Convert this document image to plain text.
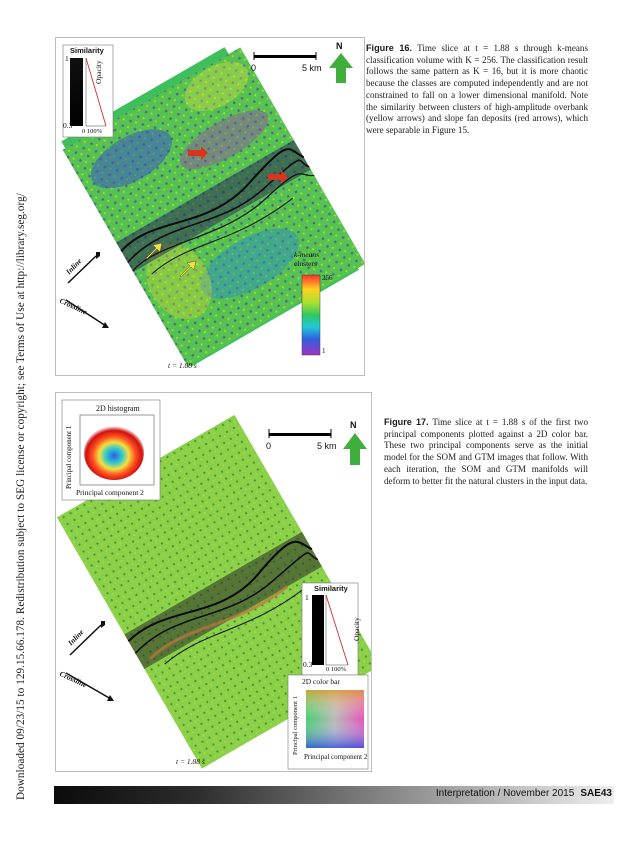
Downloaded 09/23/15 to 129.15.66.178. Redistribution subject to SEG license or copyright; see Terms of Use at http://library.seg.org/
Similarity
Opacity
1
0.3
0 100%
0	5 km
N
Inline
Crossline
k-means
clusters
256
1
t = 1.88 s
Figure 16. Time slice at t = 1.88 s through k-means classification volume with K = 256. The classification result follows the same pattern as K = 16, but it is more chaotic because the classes are computed independently and are not constrained to fall on a lower dimensional manifold. Note the similarity between clusters of high-amplitude overbank (yellow arrows) and slope fan deposits (red arrows), which were separable in Figure 15.
2D histogram
Principal component 1
Principal component 2
0	5 km
N
Similarity
Opacity
1
0.3
0 100%
2D color bar
Principal component 1
Principal component 2
Inline
Crossline
t = 1.88 s
Figure 17. Time slice at t = 1.88 s of the first two principal components plotted against a 2D color bar. These two principal components serve as the initial model for the SOM and GTM images that follow. With each iteration, the SOM and GTM manifolds will deform to better fit the natural clusters in the input data.
Interpretation / November 2015 SAE43
